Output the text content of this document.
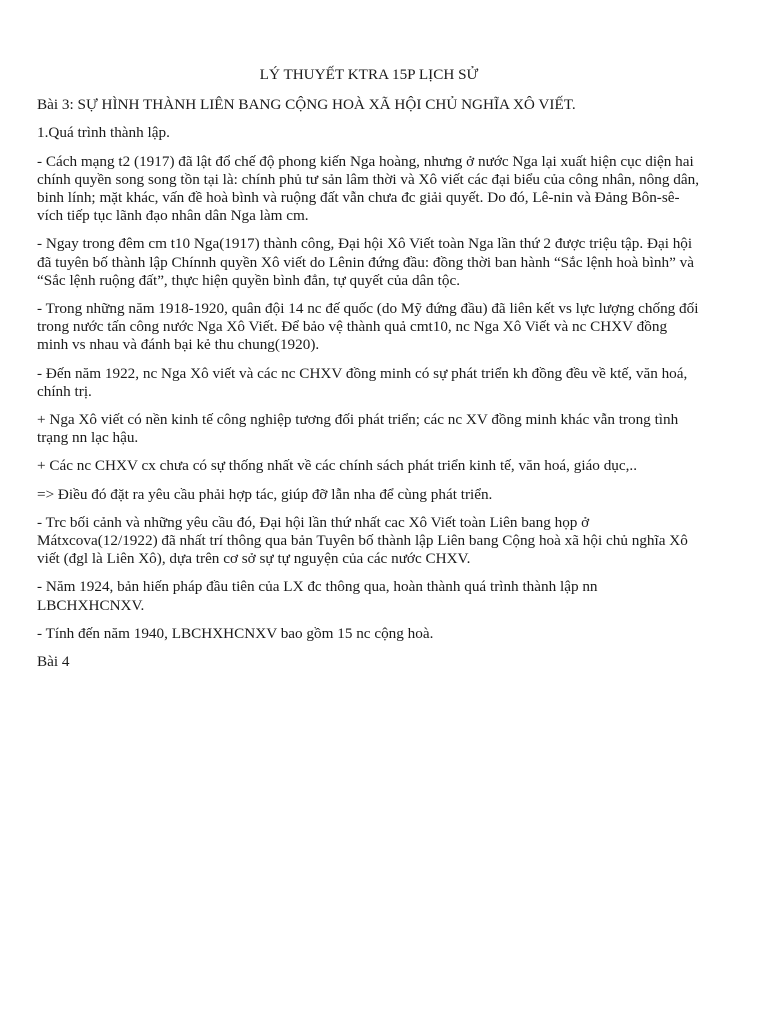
LÝ THUYẾT KTRA 15P LỊCH SỬ

Bài 3: SỰ HÌNH THÀNH LIÊN BANG CỘNG HOÀ XÃ HỘI CHỦ NGHĨA XÔ VIẾT.

1.Quá trình thành lập.

- Cách mạng t2 (1917) đã lật đổ chế độ phong kiến Nga hoàng, nhưng ở nước Nga lại xuất hiện cục diện hai chính quyền song song tồn tại là: chính phủ tư sản lâm thời và Xô viết các đại biểu của công nhân, nông dân, binh lính; mặt khác, vấn đề hoà bình và ruộng đất vẫn chưa đc giải quyết. Do đó, Lê-nin và Đảng Bôn-sê-vích tiếp tục lãnh đạo nhân dân Nga làm cm.

- Ngay trong đêm cm t10 Nga(1917) thành công, Đại hội Xô Viết toàn Nga lần thứ 2 được triệu tập. Đại hội đã tuyên bố thành lập Chínnh quyền Xô viết do Lênin đứng đầu: đồng thời ban hành “Sắc lệnh hoà bình” và “Sắc lệnh ruộng đất”, thực hiện quyền bình đẳn, tự quyết của dân tộc.

- Trong những năm 1918-1920, quân đội 14 nc đế quốc (do Mỹ đứng đầu) đã liên kết vs lực lượng chống đối trong nước tấn công nước Nga Xô Viết. Để bảo vệ thành quả cmt10, nc Nga Xô Viết và nc CHXV đồng minh vs nhau và đánh bại kẻ thu chung(1920).

- Đến năm 1922, nc Nga Xô viết và các nc CHXV đồng minh có sự phát triển kh đồng đều về ktế, văn hoá, chính trị.

+ Nga Xô viết có nền kinh tế công nghiệp tương đối phát triển; các nc XV đồng minh khác vẫn trong tình trạng nn lạc hậu.

+ Các nc CHXV cx chưa có sự thống nhất về các chính sách phát triển kinh tế, văn hoá, giáo dục,..

=> Điều đó đặt ra yêu cầu phải hợp tác, giúp đỡ lẫn nha để cùng phát triển.

- Trc bối cảnh và những yêu cầu đó, Đại hội lần thứ nhất cac Xô Viết toàn Liên bang họp ở Mátxcova(12/1922) đã nhất trí thông qua bản Tuyên bố thành lập Liên bang Cộng hoà xã hội chủ nghĩa Xô viết (đgl là Liên Xô), dựa trên cơ sở sự tự nguyện của các nước CHXV.

- Năm 1924, bản hiến pháp đầu tiên của LX đc thông qua, hoàn thành quá trình thành lập nn LBCHXHCNXV.

- Tính đến năm 1940, LBCHXHCNXV bao gồm 15 nc cộng hoà.

Bài 4
